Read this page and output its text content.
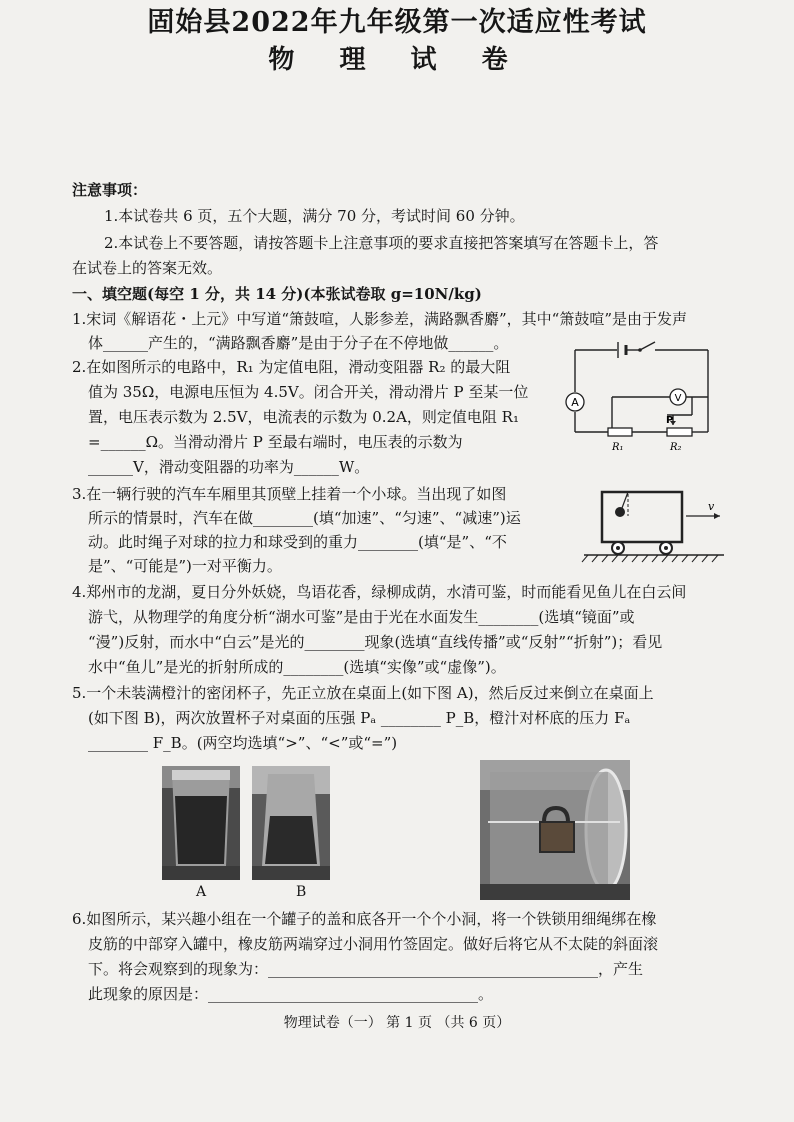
固始县2022年九年级第一次适应性考试
物 理 试 卷
注意事项：
1.本试卷共 6 页，五个大题，满分 70 分，考试时间 60 分钟。
2.本试卷上不要答题，请按答题卡上注意事项的要求直接把答案填写在答题卡上，答
在试卷上的答案无效。
一、填空题(每空 1 分，共 14 分)(本张试卷取 g=10N/kg)
1.宋词《解语花・上元》中写道“箫鼓喧，人影参差，满路飘香麝”，其中“箫鼓喧”是由于发声
体______产生的，“满路飘香麝”是由于分子在不停地做______。
2.在如图所示的电路中，R₁ 为定值电阻，滑动变阻器 R₂ 的最大阻
值为 35Ω，电源电压恒为 4.5V。闭合开关，滑动滑片 P 至某一位
置，电压表示数为 2.5V，电流表的示数为 0.2A，则定值电阻 R₁
=______Ω。当滑动滑片 P 至最右端时，电压表的示数为
______V，滑动变阻器的功率为______W。
A	V
P
R₁	R₂
3.在一辆行驶的汽车车厢里其顶壁上挂着一个小球。当出现了如图
所示的情景时，汽车在做________(填“加速”、“匀速”、“减速”)运
动。此时绳子对球的拉力和球受到的重力________(填“是”、“不
是”、“可能是”)一对平衡力。
v
4.郑州市的龙湖，夏日分外妖娆，鸟语花香，绿柳成荫，水清可鉴，时而能看见鱼儿在白云间
游弋，从物理学的角度分析“湖水可鉴”是由于光在水面发生________(选填“镜面”或
“漫”)反射，而水中“白云”是光的________现象(选填“直线传播”或“反射”“折射”)；看见
水中“鱼儿”是光的折射所成的________(选填“实像”或“虚像”)。
5.一个未装满橙汁的密闭杯子，先正立放在桌面上(如下图 A)，然后反过来倒立在桌面上
(如下图 B)，两次放置杯子对桌面的压强 Pₐ ________ P_B，橙汁对杯底的压力 Fₐ
________ F_B。(两空均选填“>”、“<”或“=”)
A	B
6.如图所示，某兴趣小组在一个罐子的盖和底各开一个个小洞，将一个铁锁用细绳绑在橡
皮筋的中部穿入罐中，橡皮筋两端穿过小洞用竹签固定。做好后将它从不太陡的斜面滚
下。将会观察到的现象为：____________________________________________，产生
此现象的原因是：____________________________________。
物理试卷（一） 第 1 页 （共 6 页）
